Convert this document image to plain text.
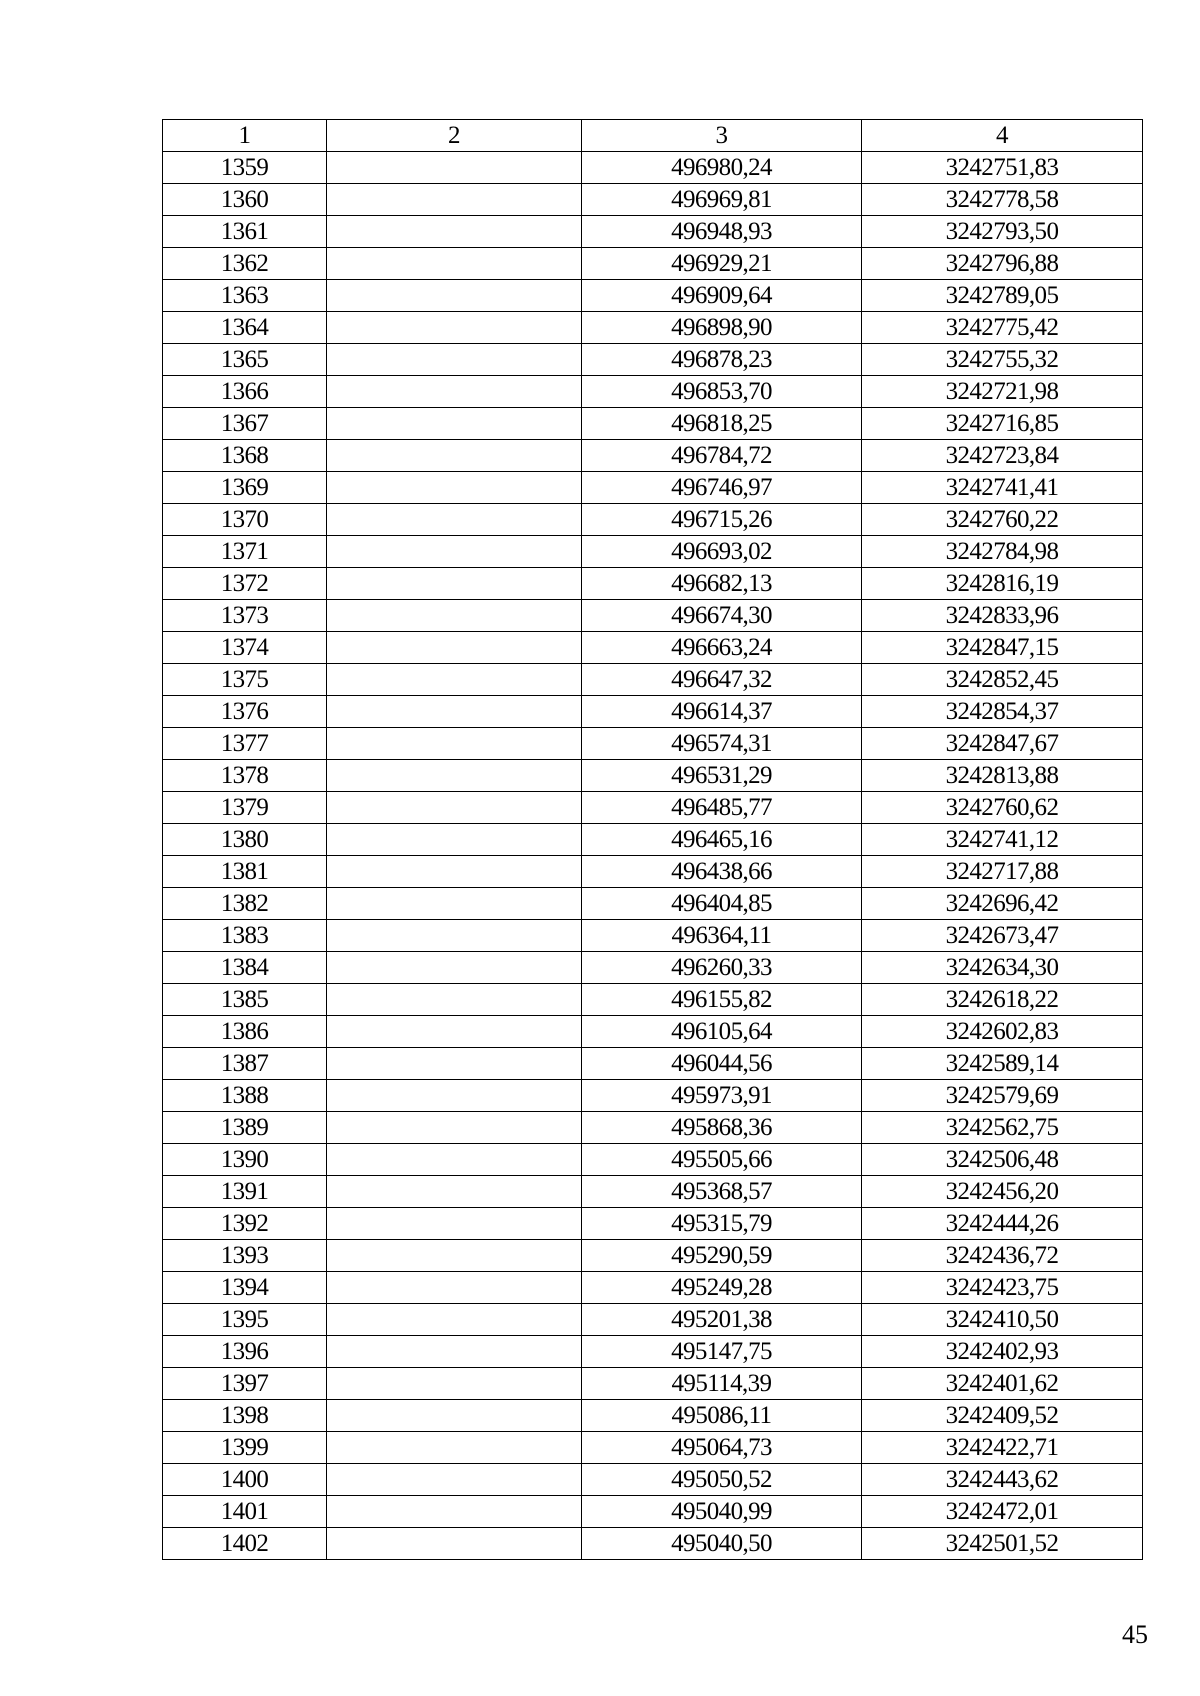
1	2	3	4
1359		496980,24	3242751,83
1360		496969,81	3242778,58
1361		496948,93	3242793,50
1362		496929,21	3242796,88
1363		496909,64	3242789,05
1364		496898,90	3242775,42
1365		496878,23	3242755,32
1366		496853,70	3242721,98
1367		496818,25	3242716,85
1368		496784,72	3242723,84
1369		496746,97	3242741,41
1370		496715,26	3242760,22
1371		496693,02	3242784,98
1372		496682,13	3242816,19
1373		496674,30	3242833,96
1374		496663,24	3242847,15
1375		496647,32	3242852,45
1376		496614,37	3242854,37
1377		496574,31	3242847,67
1378		496531,29	3242813,88
1379		496485,77	3242760,62
1380		496465,16	3242741,12
1381		496438,66	3242717,88
1382		496404,85	3242696,42
1383		496364,11	3242673,47
1384		496260,33	3242634,30
1385		496155,82	3242618,22
1386		496105,64	3242602,83
1387		496044,56	3242589,14
1388		495973,91	3242579,69
1389		495868,36	3242562,75
1390		495505,66	3242506,48
1391		495368,57	3242456,20
1392		495315,79	3242444,26
1393		495290,59	3242436,72
1394		495249,28	3242423,75
1395		495201,38	3242410,50
1396		495147,75	3242402,93
1397		495114,39	3242401,62
1398		495086,11	3242409,52
1399		495064,73	3242422,71
1400		495050,52	3242443,62
1401		495040,99	3242472,01
1402		495040,50	3242501,52
45
